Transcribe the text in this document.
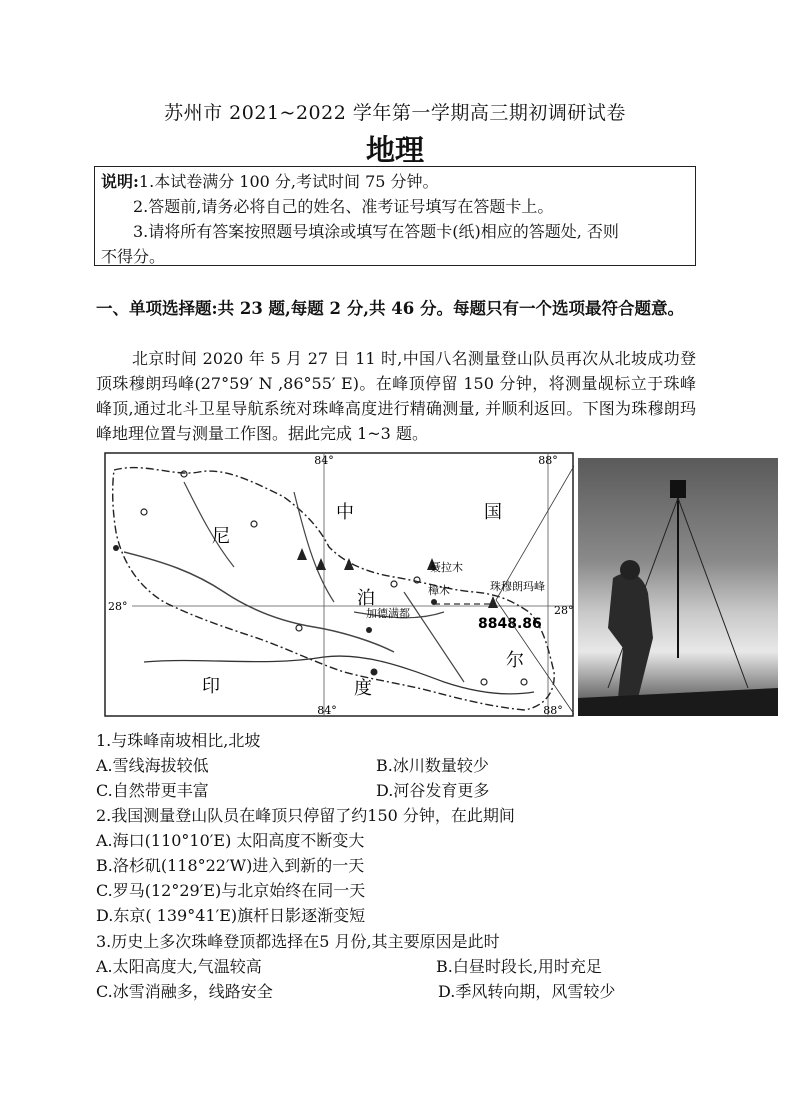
苏州市 2021~2022 学年第一学期高三期初调研试卷
地理
说明:1.本试卷满分 100 分,考试时间 75 分钟。
2.答题前,请务必将自己的姓名、准考证号填写在答题卡上。
3.请将所有答案按照题号填涂或填写在答题卡(纸)相应的答题处, 否则
不得分。
一、单项选择题:共 23 题,每题 2 分,共 46 分。每题只有一个选项最符合题意。
北京时间 2020 年 5 月 27 日 11 时,中国八名测量登山队员再次从北坡成功登顶珠穆朗玛峰(27°59′ N ,86°55′ E)。在峰顶停留 150 分钟，将测量觇标立于珠峰峰顶,通过北斗卫星导航系统对珠峰高度进行精确测量, 并顺利返回。下图为珠穆朗玛峰地理位置与测量工作图。据此完成 1~3 题。
84°	88°
84°	88°
28°	28°
中	国
尼
泊
尔
印	度
聂拉木
樟木
加德满都
珠穆朗玛峰
8848.86
1.与珠峰南坡相比,北坡
A.雪线海拔较低	B.冰川数量较少
C.自然带更丰富	D.河谷发育更多
2.我国测量登山队员在峰顶只停留了约150 分钟，在此期间
A.海口(110°10′E) 太阳高度不断变大
B.洛杉矶(118°22′W)进入到新的一天
C.罗马(12°29′E)与北京始终在同一天
D.东京( 139°41′E)旗杆日影逐渐变短
3.历史上多次珠峰登顶都选择在5 月份,其主要原因是此时
A.太阳高度大,气温较高	B.白昼时段长,用时充足
C.冰雪消融多，线路安全	D.季风转向期，风雪较少
